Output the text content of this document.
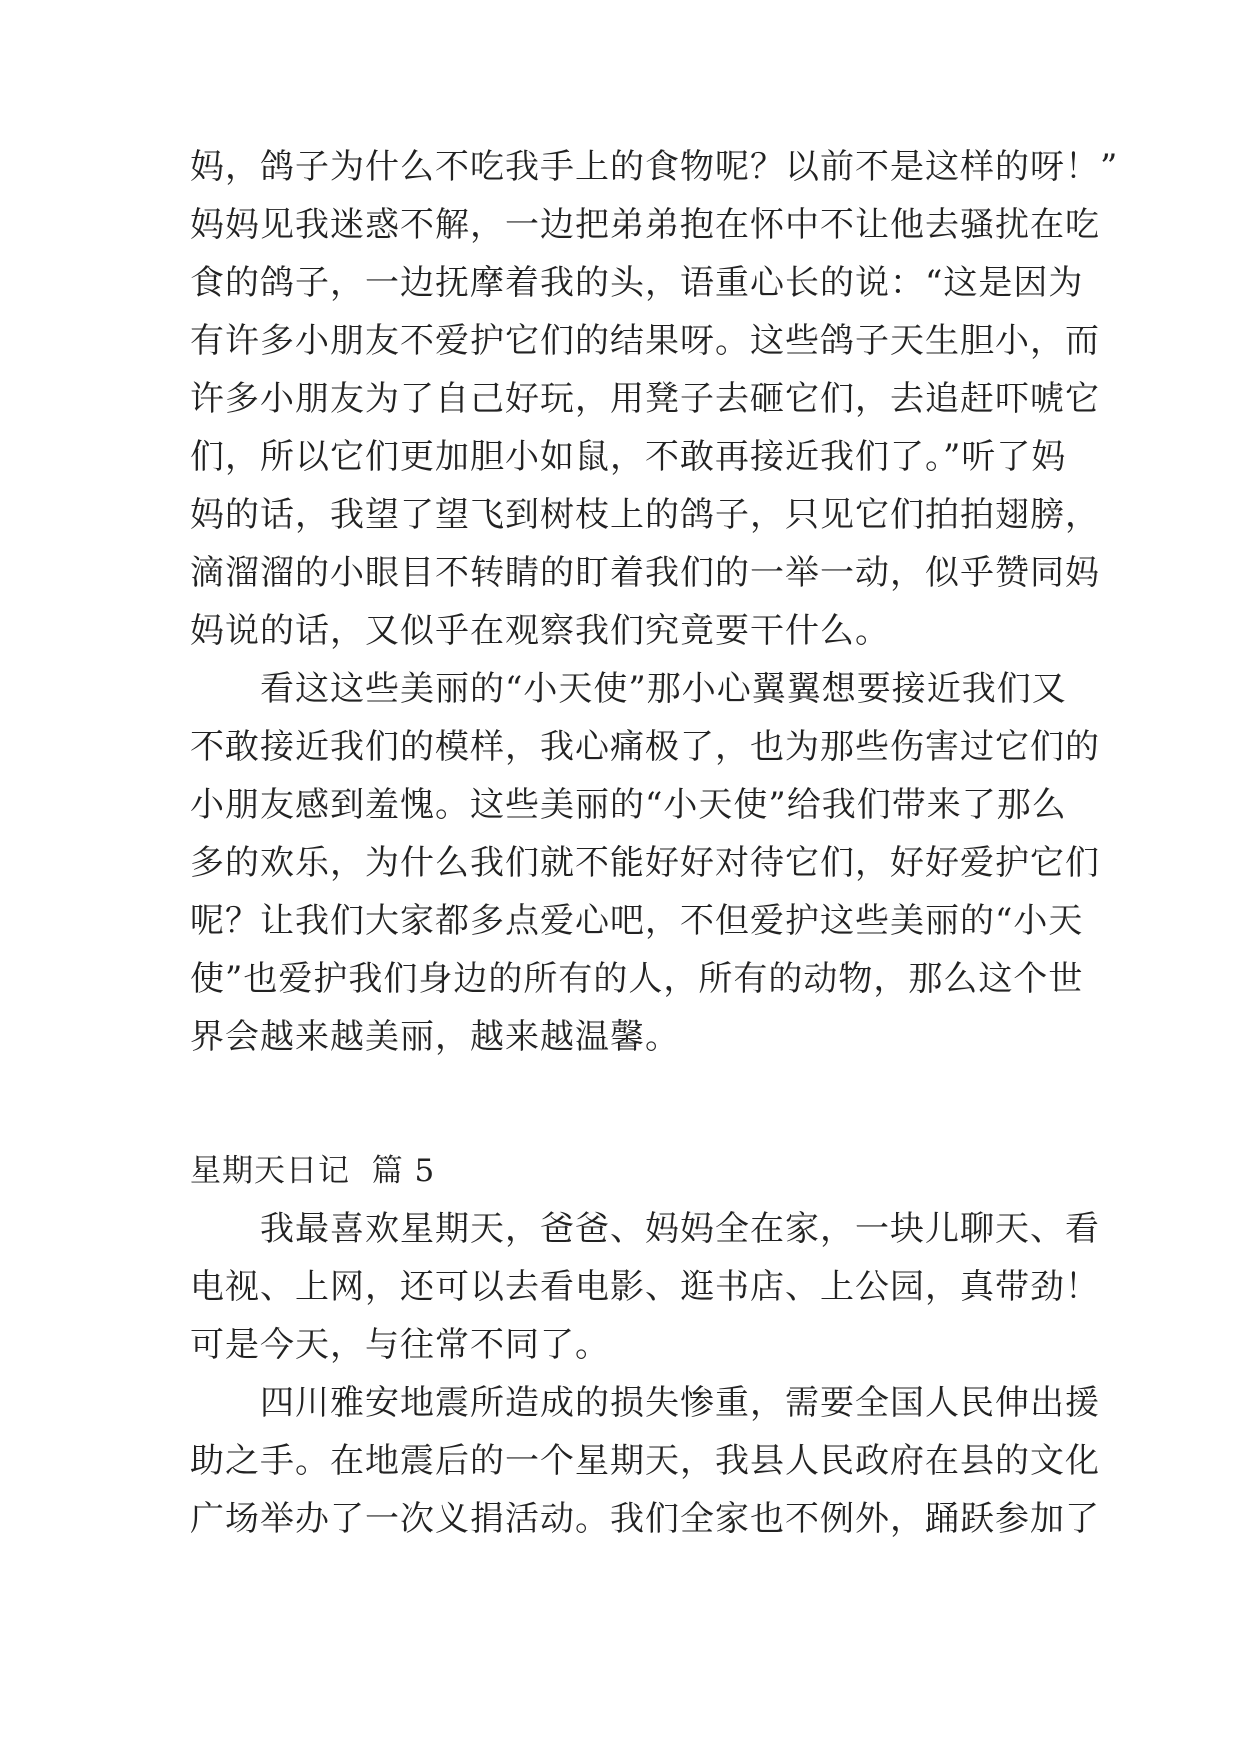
妈，鸽子为什么不吃我手上的食物呢？以前不是这样的呀！”
妈妈见我迷惑不解，一边把弟弟抱在怀中不让他去骚扰在吃
食的鸽子，一边抚摩着我的头，语重心长的说：“这是因为
有许多小朋友不爱护它们的结果呀。这些鸽子天生胆小，而
许多小朋友为了自己好玩，用凳子去砸它们，去追赶吓唬它
们，所以它们更加胆小如鼠，不敢再接近我们了。”听了妈
妈的话，我望了望飞到树枝上的鸽子，只见它们拍拍翅膀，
滴溜溜的小眼目不转睛的盯着我们的一举一动，似乎赞同妈
妈说的话，又似乎在观察我们究竟要干什么。
　　看这这些美丽的“小天使”那小心翼翼想要接近我们又
不敢接近我们的模样，我心痛极了，也为那些伤害过它们的
小朋友感到羞愧。这些美丽的“小天使”给我们带来了那么
多的欢乐，为什么我们就不能好好对待它们，好好爱护它们
呢？让我们大家都多点爱心吧，不但爱护这些美丽的“小天
使”也爱护我们身边的所有的人，所有的动物，那么这个世
界会越来越美丽，越来越温馨。
星期天日记  篇 5
　　我最喜欢星期天，爸爸、妈妈全在家，一块儿聊天、看
电视、上网，还可以去看电影、逛书店、上公园，真带劲！
可是今天，与往常不同了。
　　四川雅安地震所造成的损失惨重，需要全国人民伸出援
助之手。在地震后的一个星期天，我县人民政府在县的文化
广场举办了一次义捐活动。我们全家也不例外，踊跃参加了
